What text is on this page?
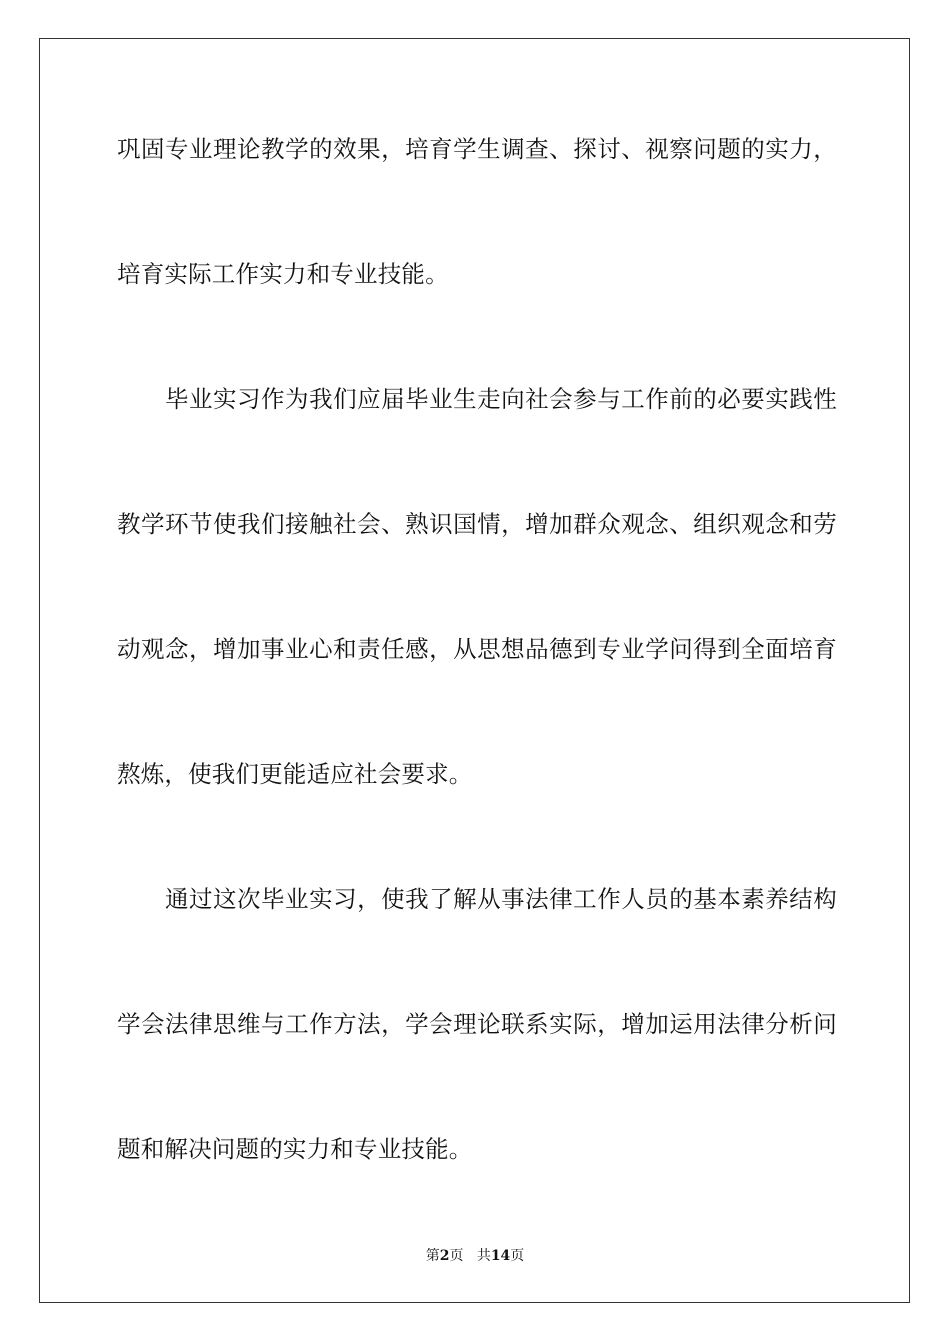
巩固专业理论教学的效果，培育学生调查、探讨、视察问题的实力，
培育实际工作实力和专业技能。
毕业实习作为我们应届毕业生走向社会参与工作前的必要实践性
教学环节使我们接触社会、熟识国情，增加群众观念、组织观念和劳
动观念，增加事业心和责任感，从思想品德到专业学问得到全面培育
熬炼，使我们更能适应社会要求。
通过这次毕业实习，使我了解从事法律工作人员的基本素养结构
学会法律思维与工作方法，学会理论联系实际，增加运用法律分析问
题和解决问题的实力和专业技能。
第2页 共14页
